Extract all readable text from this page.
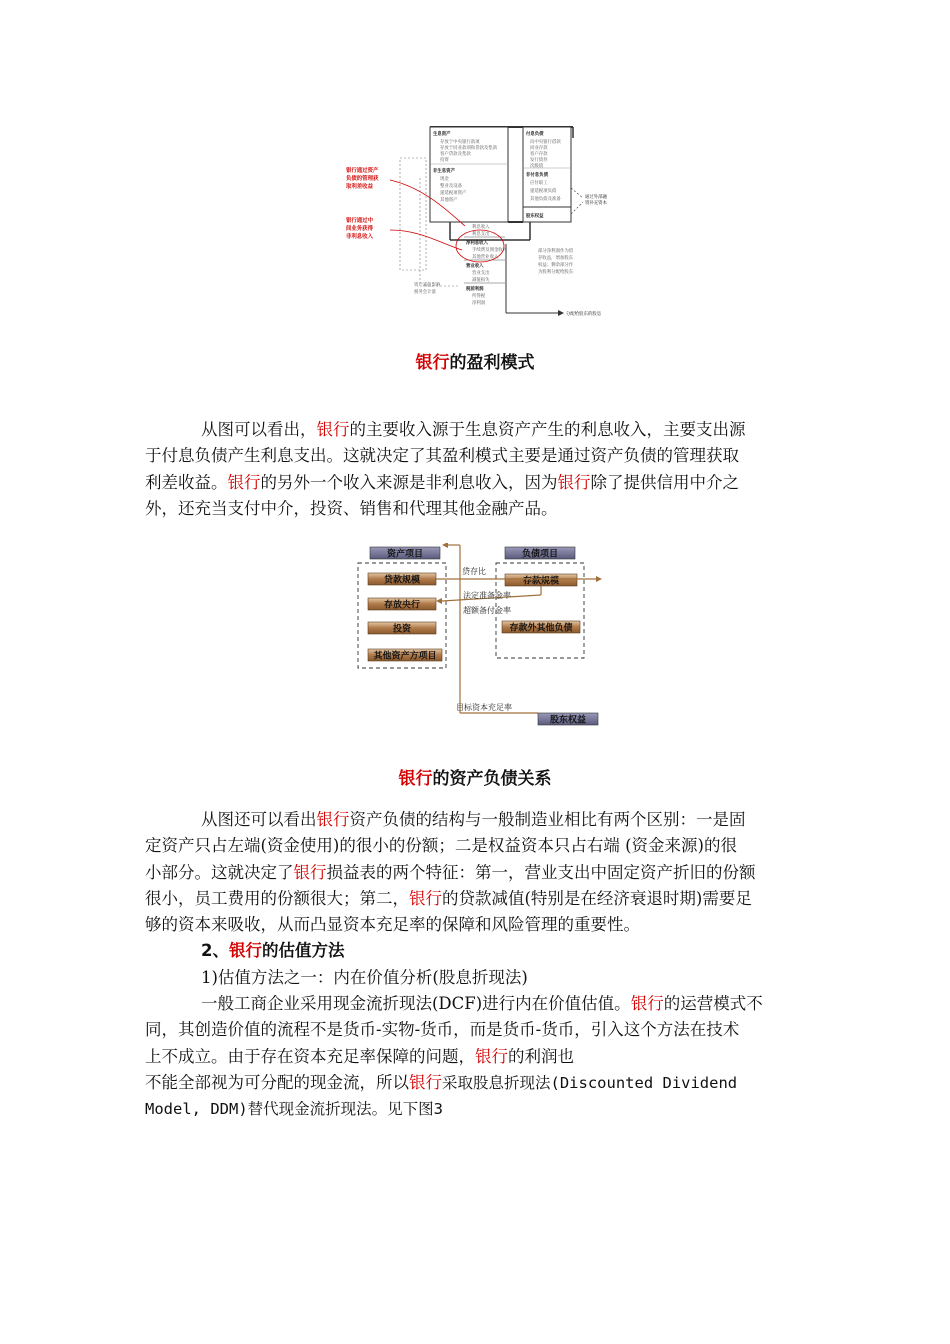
生息资产
存放于中央银行款项
存放于同业款项和贷款及垫款
客户贷款及垫款
投资
非生息资产
现金
整业及设备
递延税项资产
其他资产
付息负债
向中央银行借款
同业存款
客户存款
发行债券
次级债
非付息负债
应付职工
递延税项负债
其他负债及准备
股东权益
银行通过资产
负债的管理获
取利差收益
银行通过中
间业务获得
非利息收入
利息收入
利息支出
净利息收入
手续费及佣金收入
其他营业收入
营业收入
营业支出
减值损失
税前利润
所得税
净利润
通过外部融
资补充资本
部分净利润作为留
存收益，增加股东
权益；剩余部分作
为股利分配给股东
分配给股东的股息
资产减值影响
税务会计量
银行的盈利模式
从图可以看出，银行的主要收入源于生息资产产生的利息收入，主要支出源
于付息负债产生利息支出。这就决定了其盈利模式主要是通过资产负债的管理获取
利差收益。银行的另外一个收入来源是非利息收入，因为银行除了提供信用中介之
外，还充当支付中介，投资、销售和代理其他金融产品。
资产项目	负债项目
贷款规模
存放央行
投资
其他资产方项目
存款规模
存款外其他负债
贷存比
法定准备金率
超额备付金率
目标资本充足率
股东权益
银行的资产负债关系
从图还可以看出银行资产负债的结构与一般制造业相比有两个区别：一是固
定资产只占左端(资金使用)的很小的份额；二是权益资本只占右端 (资金来源)的很
小部分。这就决定了银行损益表的两个特征：第一，营业支出中固定资产折旧的份额
很小，员工费用的份额很大；第二，银行的贷款减值(特别是在经济衰退时期)需要足
够的资本来吸收，从而凸显资本充足率的保障和风险管理的重要性。
2、银行的估值方法
1)估值方法之一：内在价值分析(股息折现法)
一般工商企业采用现金流折现法(DCF)进行内在价值估值。银行的运营模式不
同，其创造价值的流程不是货币-实物-货币，而是货币-货币，引入这个方法在技术
上不成立。由于存在资本充足率保障的问题，银行的利润也
不能全部视为可分配的现金流，所以银行采取股息折现法(Discounted Dividend
Model, DDM)替代现金流折现法。见下图3
